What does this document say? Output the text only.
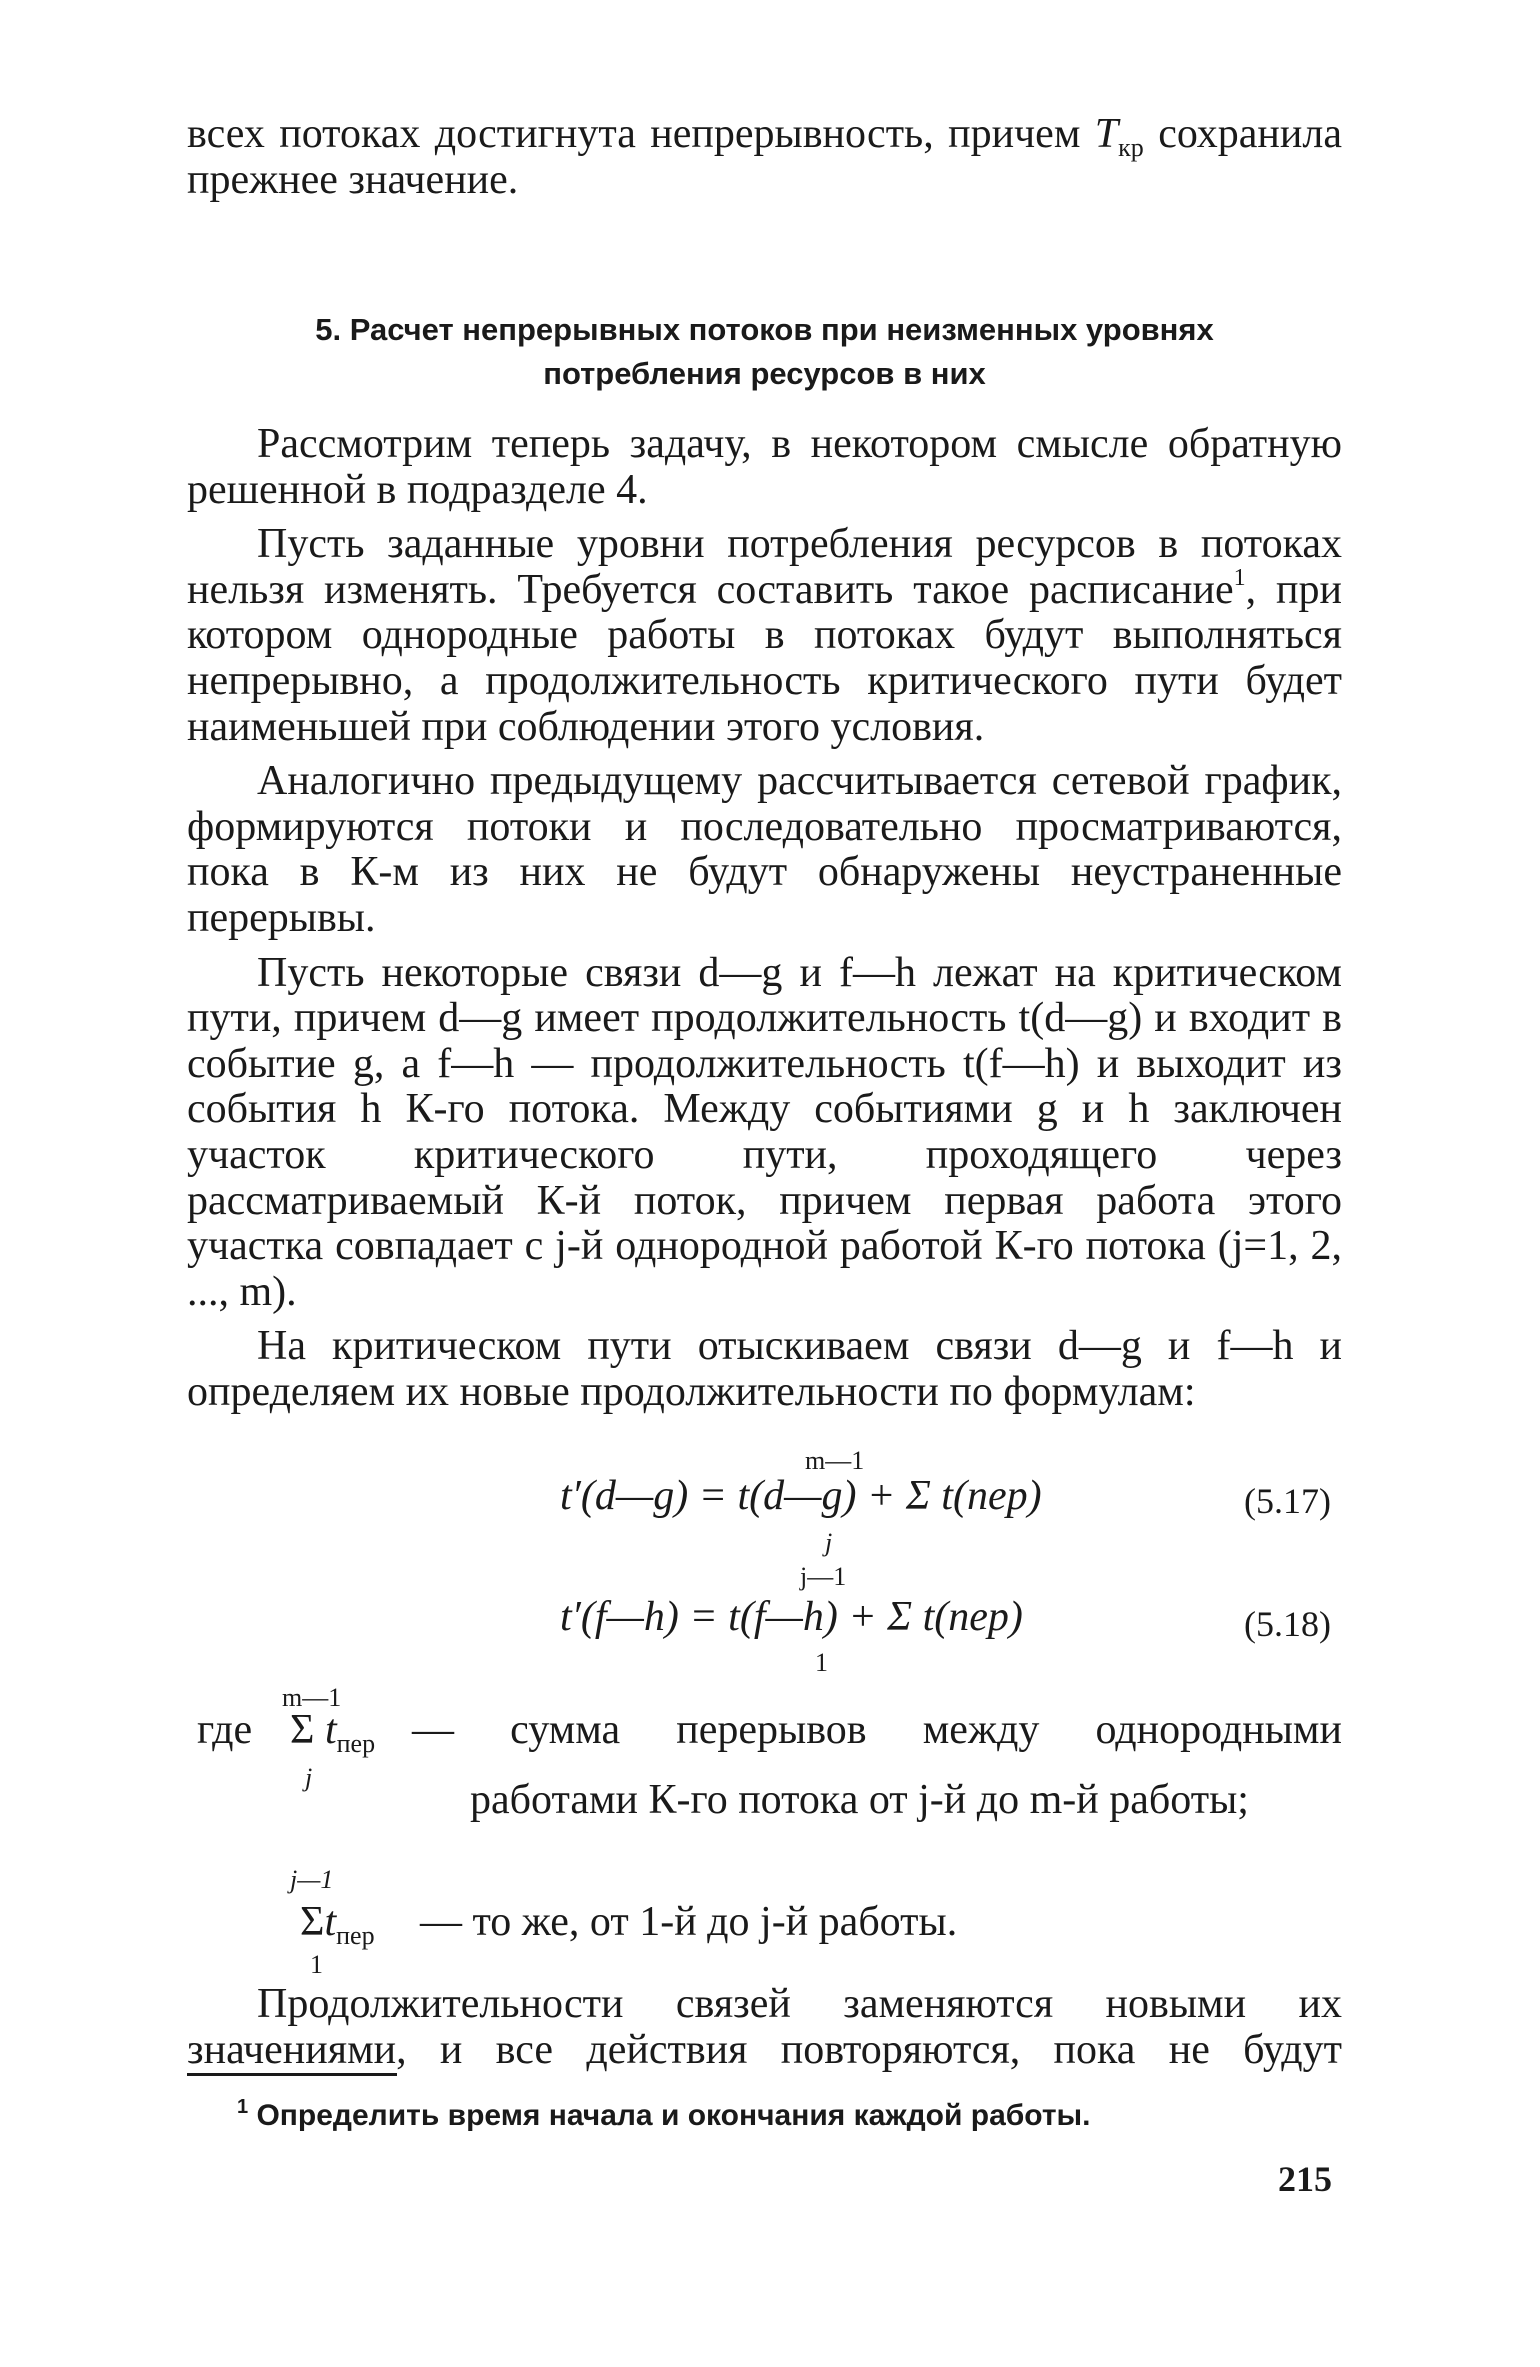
всех потоках достигнута непрерывность, причем $T_{кр}$ сохранила прежнее значение.

5. Расчет непрерывных потоков при неизменных уровнях
потребления ресурсов в них

Рассмотрим теперь задачу, в некотором смысле обратную решенной в подразделе 4.

Пусть заданные уровни потребления ресурсов в потоках нельзя изменять. Требуется составить такое расписание$^1$, при котором однородные работы в потоках будут выполняться непрерывно, а продолжительность критического пути будет наименьшей при соблюдении этого условия.

Аналогично предыдущему рассчитывается сетевой график, формируются потоки и последовательно просматриваются, пока в К-м из них не будут обнаружены неустраненные перерывы.

Пусть некоторые связи d—g и f—h лежат на критическом пути, причем d—g имеет продолжительность t(d—g) и входит в событие g, а f—h — продолжительность t(f—h) и выходит из события h К-го потока. Между событиями g и h заключен участок критического пути, проходящего через рассматриваемый К-й поток, причем первая работа этого участка совпадает с j-й однородной работой К-го потока (j=1, 2, ..., m).

На критическом пути отыскиваем связи d—g и f—h и определяем их новые продолжительности по формулам:

m—1
t′(d—g) = t(d—g) + Σ t(пер)
j
(5.17)
j—1
t′(f—h) = t(f—h) + Σ t(пер)
1
(5.18)
m—1
где Σ $t_{пер}$
j
— сумма перерывов между однородными
работами К-го потока от j-й до m-й работы;
j—1
$\Sigma t_{пер}$
1
— то же, от 1-й до j-й работы.

Продолжительности связей заменяются новыми их значениями, и все действия повторяются, пока не будут

$^1$ Определить время начала и окончания каждой работы.
215
